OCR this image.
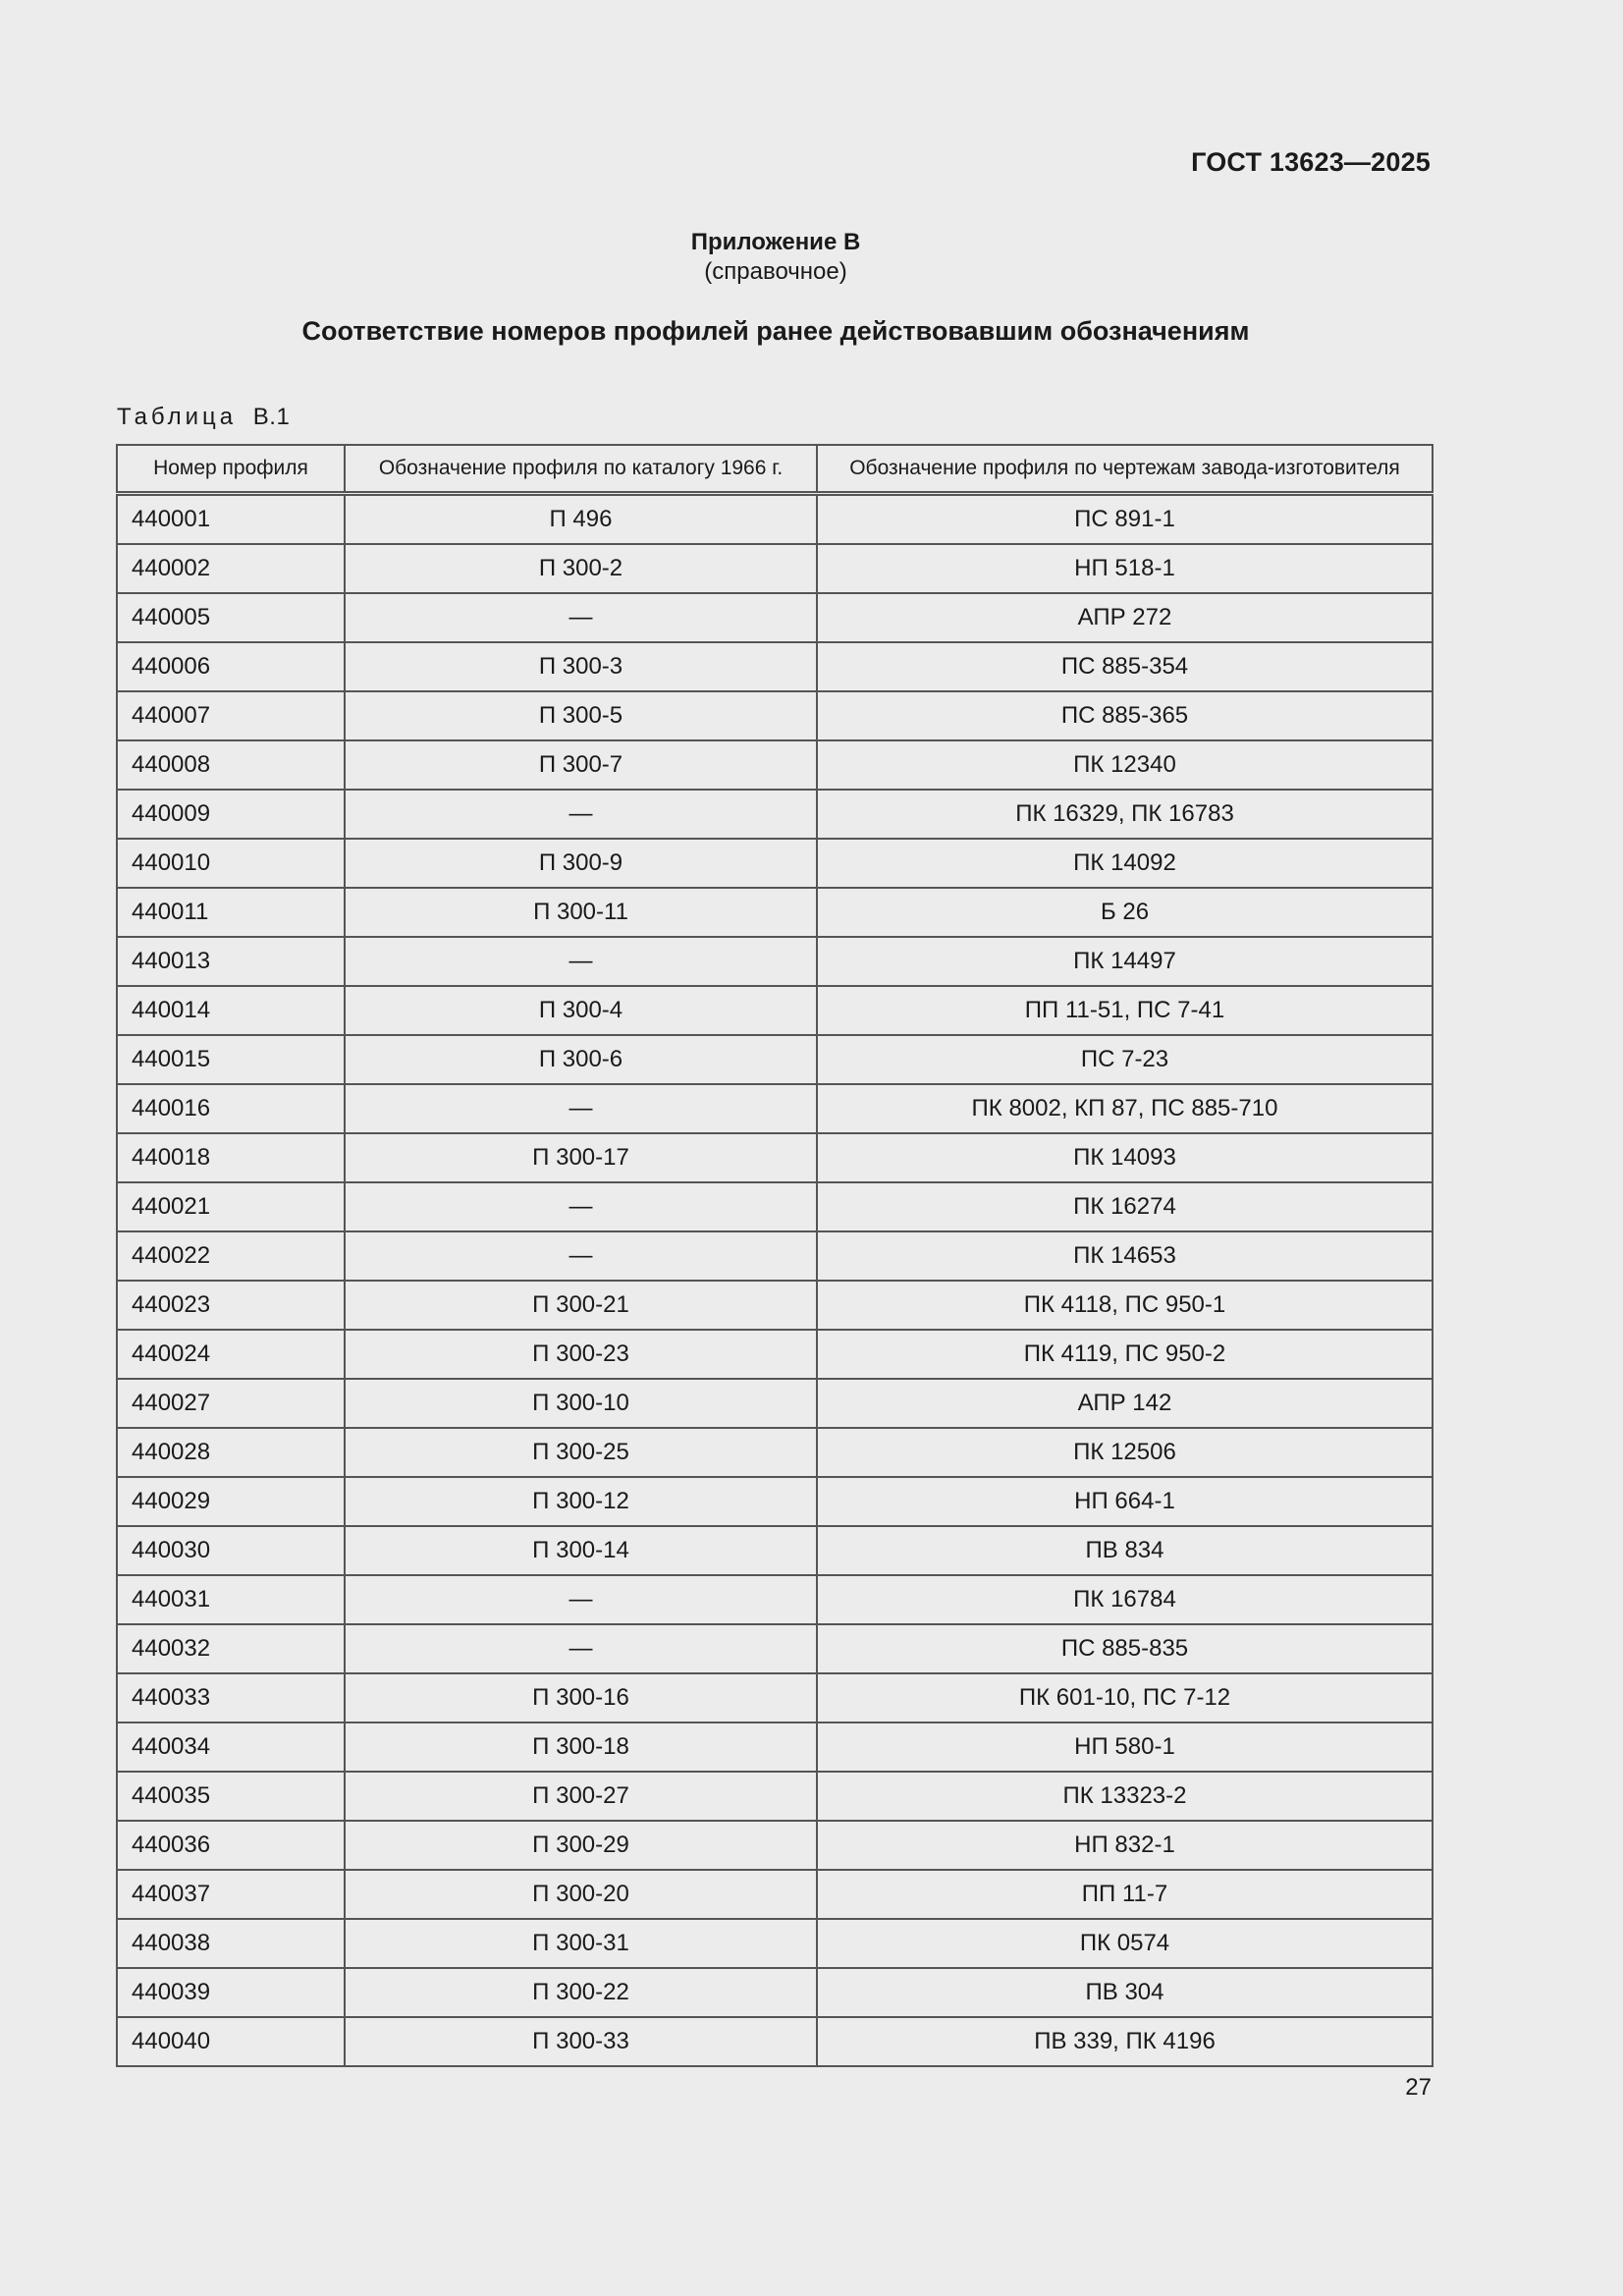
ГОСТ 13623—2025
Приложение В
(справочное)
Соответствие номеров профилей ранее действовавшим обозначениям
Таблица В.1
Номер профиля	Обозначение профиля по каталогу 1966 г.	Обозначение профиля по чертежам завода-изготовителя
440001	П 496	ПС 891-1
440002	П 300-2	НП 518-1
440005	—	АПР 272
440006	П 300-3	ПС 885-354
440007	П 300-5	ПС 885-365
440008	П 300-7	ПК 12340
440009	—	ПК 16329, ПК 16783
440010	П 300-9	ПК 14092
440011	П 300-11	Б 26
440013	—	ПК 14497
440014	П 300-4	ПП 11-51, ПС 7-41
440015	П 300-6	ПС 7-23
440016	—	ПК 8002, КП 87, ПС 885-710
440018	П 300-17	ПК 14093
440021	—	ПК 16274
440022	—	ПК 14653
440023	П 300-21	ПК 4118, ПС 950-1
440024	П 300-23	ПК 4119, ПС 950-2
440027	П 300-10	АПР 142
440028	П 300-25	ПК 12506
440029	П 300-12	НП 664-1
440030	П 300-14	ПВ 834
440031	—	ПК 16784
440032	—	ПС 885-835
440033	П 300-16	ПК 601-10, ПС 7-12
440034	П 300-18	НП 580-1
440035	П 300-27	ПК 13323-2
440036	П 300-29	НП 832-1
440037	П 300-20	ПП 11-7
440038	П 300-31	ПК 0574
440039	П 300-22	ПВ 304
440040	П 300-33	ПВ 339, ПК 4196
27
